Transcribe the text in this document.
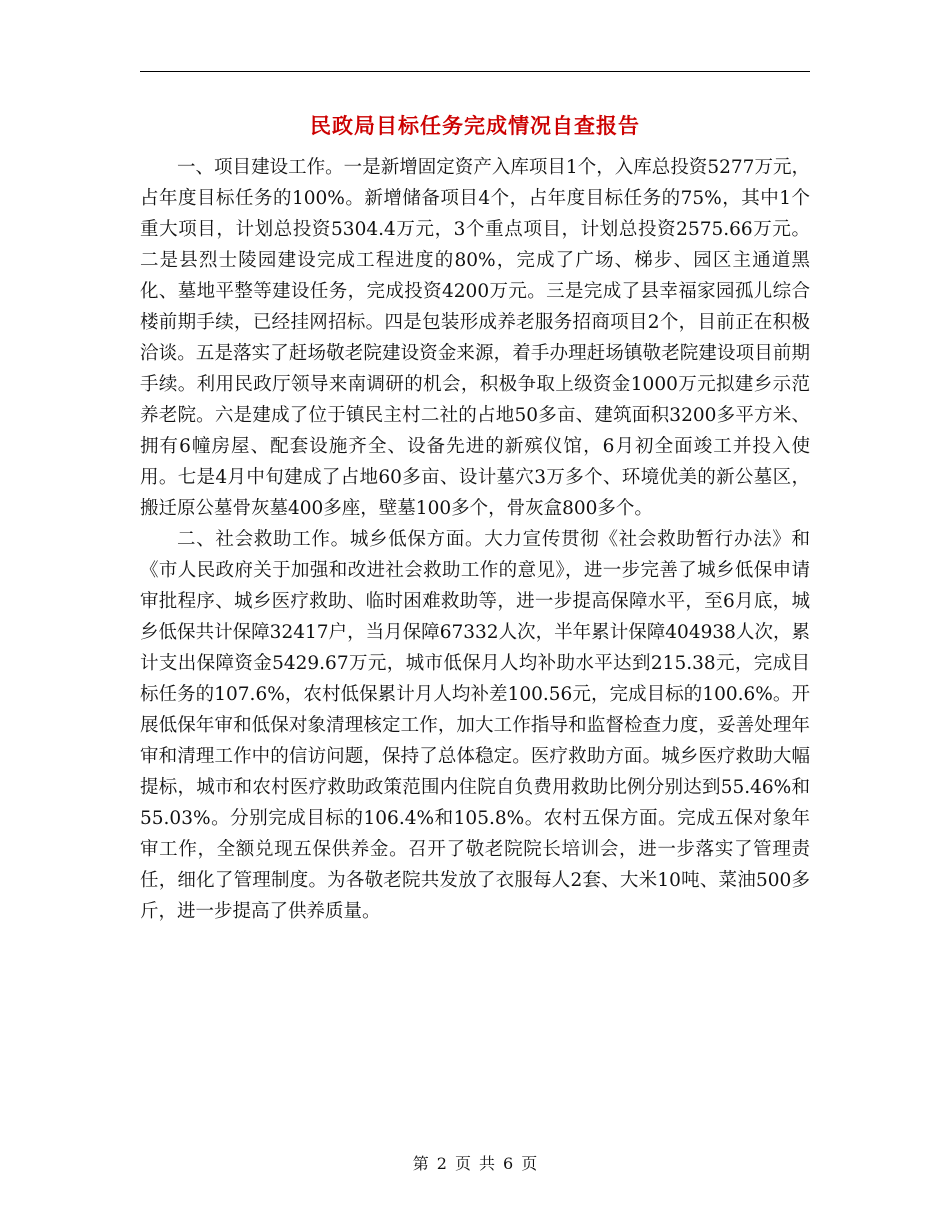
民政局目标任务完成情况自查报告

一、项目建设工作。一是新增固定资产入库项目1个，入库总投资5277万元，占年度目标任务的100%。新增储备项目4个，占年度目标任务的75%，其中1个重大项目，计划总投资5304.4万元，3个重点项目，计划总投资2575.66万元。二是县烈士陵园建设完成工程进度的80%，完成了广场、梯步、园区主通道黑化、墓地平整等建设任务，完成投资4200万元。三是完成了县幸福家园孤儿综合楼前期手续，已经挂网招标。四是包装形成养老服务招商项目2个，目前正在积极洽谈。五是落实了赶场敬老院建设资金来源，着手办理赶场镇敬老院建设项目前期手续。利用民政厅领导来南调研的机会，积极争取上级资金1000万元拟建乡示范养老院。六是建成了位于镇民主村二社的占地50多亩、建筑面积3200多平方米、拥有6幢房屋、配套设施齐全、设备先进的新殡仪馆，6月初全面竣工并投入使用。七是4月中旬建成了占地60多亩、设计墓穴3万多个、环境优美的新公墓区，搬迁原公墓骨灰墓400多座，壁墓100多个，骨灰盒800多个。

二、社会救助工作。城乡低保方面。大力宣传贯彻《社会救助暂行办法》和《市人民政府关于加强和改进社会救助工作的意见》，进一步完善了城乡低保申请审批程序、城乡医疗救助、临时困难救助等，进一步提高保障水平，至6月底，城乡低保共计保障32417户，当月保障67332人次，半年累计保障404938人次，累计支出保障资金5429.67万元，城市低保月人均补助水平达到215.38元，完成目标任务的107.6%，农村低保累计月人均补差100.56元，完成目标的100.6%。开展低保年审和低保对象清理核定工作，加大工作指导和监督检查力度，妥善处理年审和清理工作中的信访问题，保持了总体稳定。医疗救助方面。城乡医疗救助大幅提标，城市和农村医疗救助政策范围内住院自负费用救助比例分别达到55.46%和55.03%。分别完成目标的106.4%和105.8%。农村五保方面。完成五保对象年审工作，全额兑现五保供养金。召开了敬老院院长培训会，进一步落实了管理责任，细化了管理制度。为各敬老院共发放了衣服每人2套、大米10吨、菜油500多斤，进一步提高了供养质量。

第 2 页 共 6 页
